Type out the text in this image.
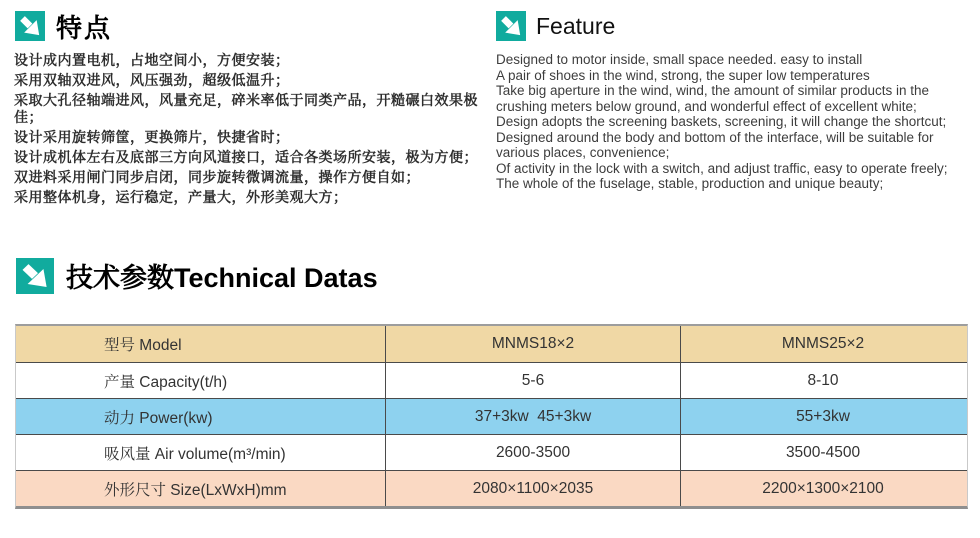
特点

设计成内置电机，占地空间小，方便安装；

采用双轴双进风，风压强劲，超级低温升；

采取大孔径轴端进风，风量充足，碎米率低于同类产品，开糙碾白效果极佳；

设计采用旋转筛筐，更换筛片，快捷省时；

设计成机体左右及底部三方向风道接口，适合各类场所安装，极为方便；

双进料采用闸门同步启闭，同步旋转微调流量，操作方便自如；

采用整体机身，运行稳定，产量大，外形美观大方；

Feature

Designed to motor inside, small space needed. easy to install

A pair of shoes in the wind, strong, the super low temperatures

Take big aperture in the wind, wind, the amount of similar products in the crushing meters below ground, and wonderful effect of excellent white;

Design adopts the screening baskets, screening, it will change the shortcut;

Designed around the body and bottom of the interface, will be suitable for various places, convenience;

Of activity in the lock with a switch, and adjust traffic, easy to operate freely;

The whole of the fuselage, stable, production and unique beauty;

技术参数Technical Datas
型号 Model	MNMS18×2	MNMS25×2
产量 Capacity(t/h)	5-6	8-10
动力 Power(kw)	37+3kw  45+3kw	55+3kw
吸风量 Air volume(m³/min)	2600-3500	3500-4500
外形尺寸 Size(LxWxH)mm	2080×1100×2035	2200×1300×2100
